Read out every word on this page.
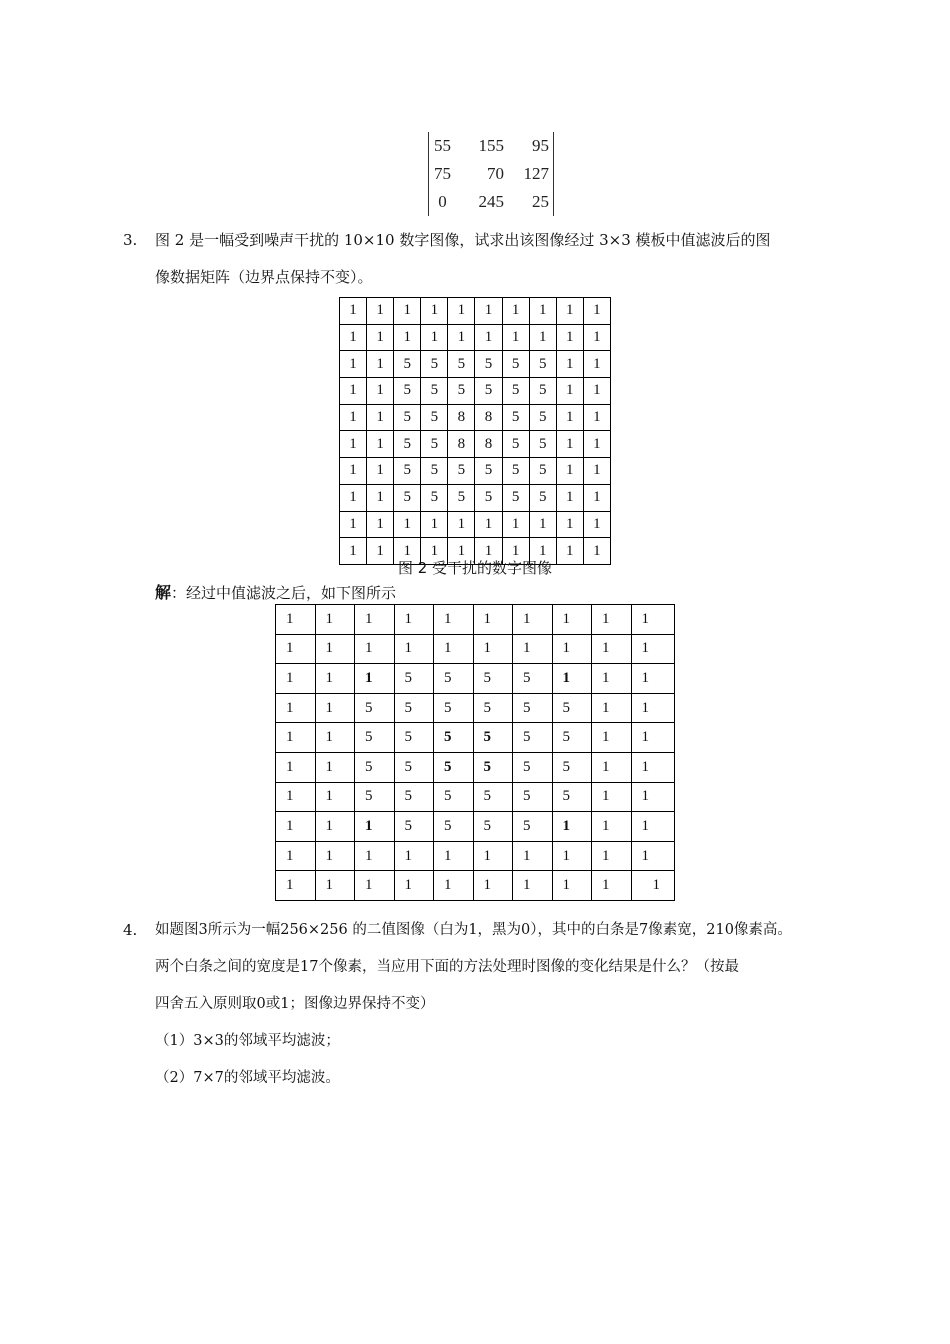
55	155	95
75	70	127
0	245	25
3. 图 2 是一幅受到噪声干扰的 10×10 数字图像，试求出该图像经过 3×3 模板中值滤波后的图
像数据矩阵（边界点保持不变）。
1	1	1	1	1	1	1	1	1	1
1	1	1	1	1	1	1	1	1	1
1	1	5	5	5	5	5	5	1	1
1	1	5	5	5	5	5	5	1	1
1	1	5	5	8	8	5	5	1	1
1	1	5	5	8	8	5	5	1	1
1	1	5	5	5	5	5	5	1	1
1	1	5	5	5	5	5	5	1	1
1	1	1	1	1	1	1	1	1	1
1	1	1	1	1	1	1	1	1	1
图 2 受干扰的数字图像
解：经过中值滤波之后，如下图所示
1	1	1	1	1	1	1	1	1	1
1	1	1	1	1	1	1	1	1	1
1	1	1	5	5	5	5	1	1	1
1	1	5	5	5	5	5	5	1	1
1	1	5	5	5	5	5	5	1	1
1	1	5	5	5	5	5	5	1	1
1	1	5	5	5	5	5	5	1	1
1	1	1	5	5	5	5	1	1	1
1	1	1	1	1	1	1	1	1	1
1	1	1	1	1	1	1	1	1	1
4. 如题图3所示为一幅256×256 的二值图像（白为1，黑为0），其中的白条是7像素宽，210像素高。
两个白条之间的宽度是17个像素，当应用下面的方法处理时图像的变化结果是什么？（按最
四舍五入原则取0或1；图像边界保持不变）
（1）3×3的邻域平均滤波；
（2）7×7的邻域平均滤波。
